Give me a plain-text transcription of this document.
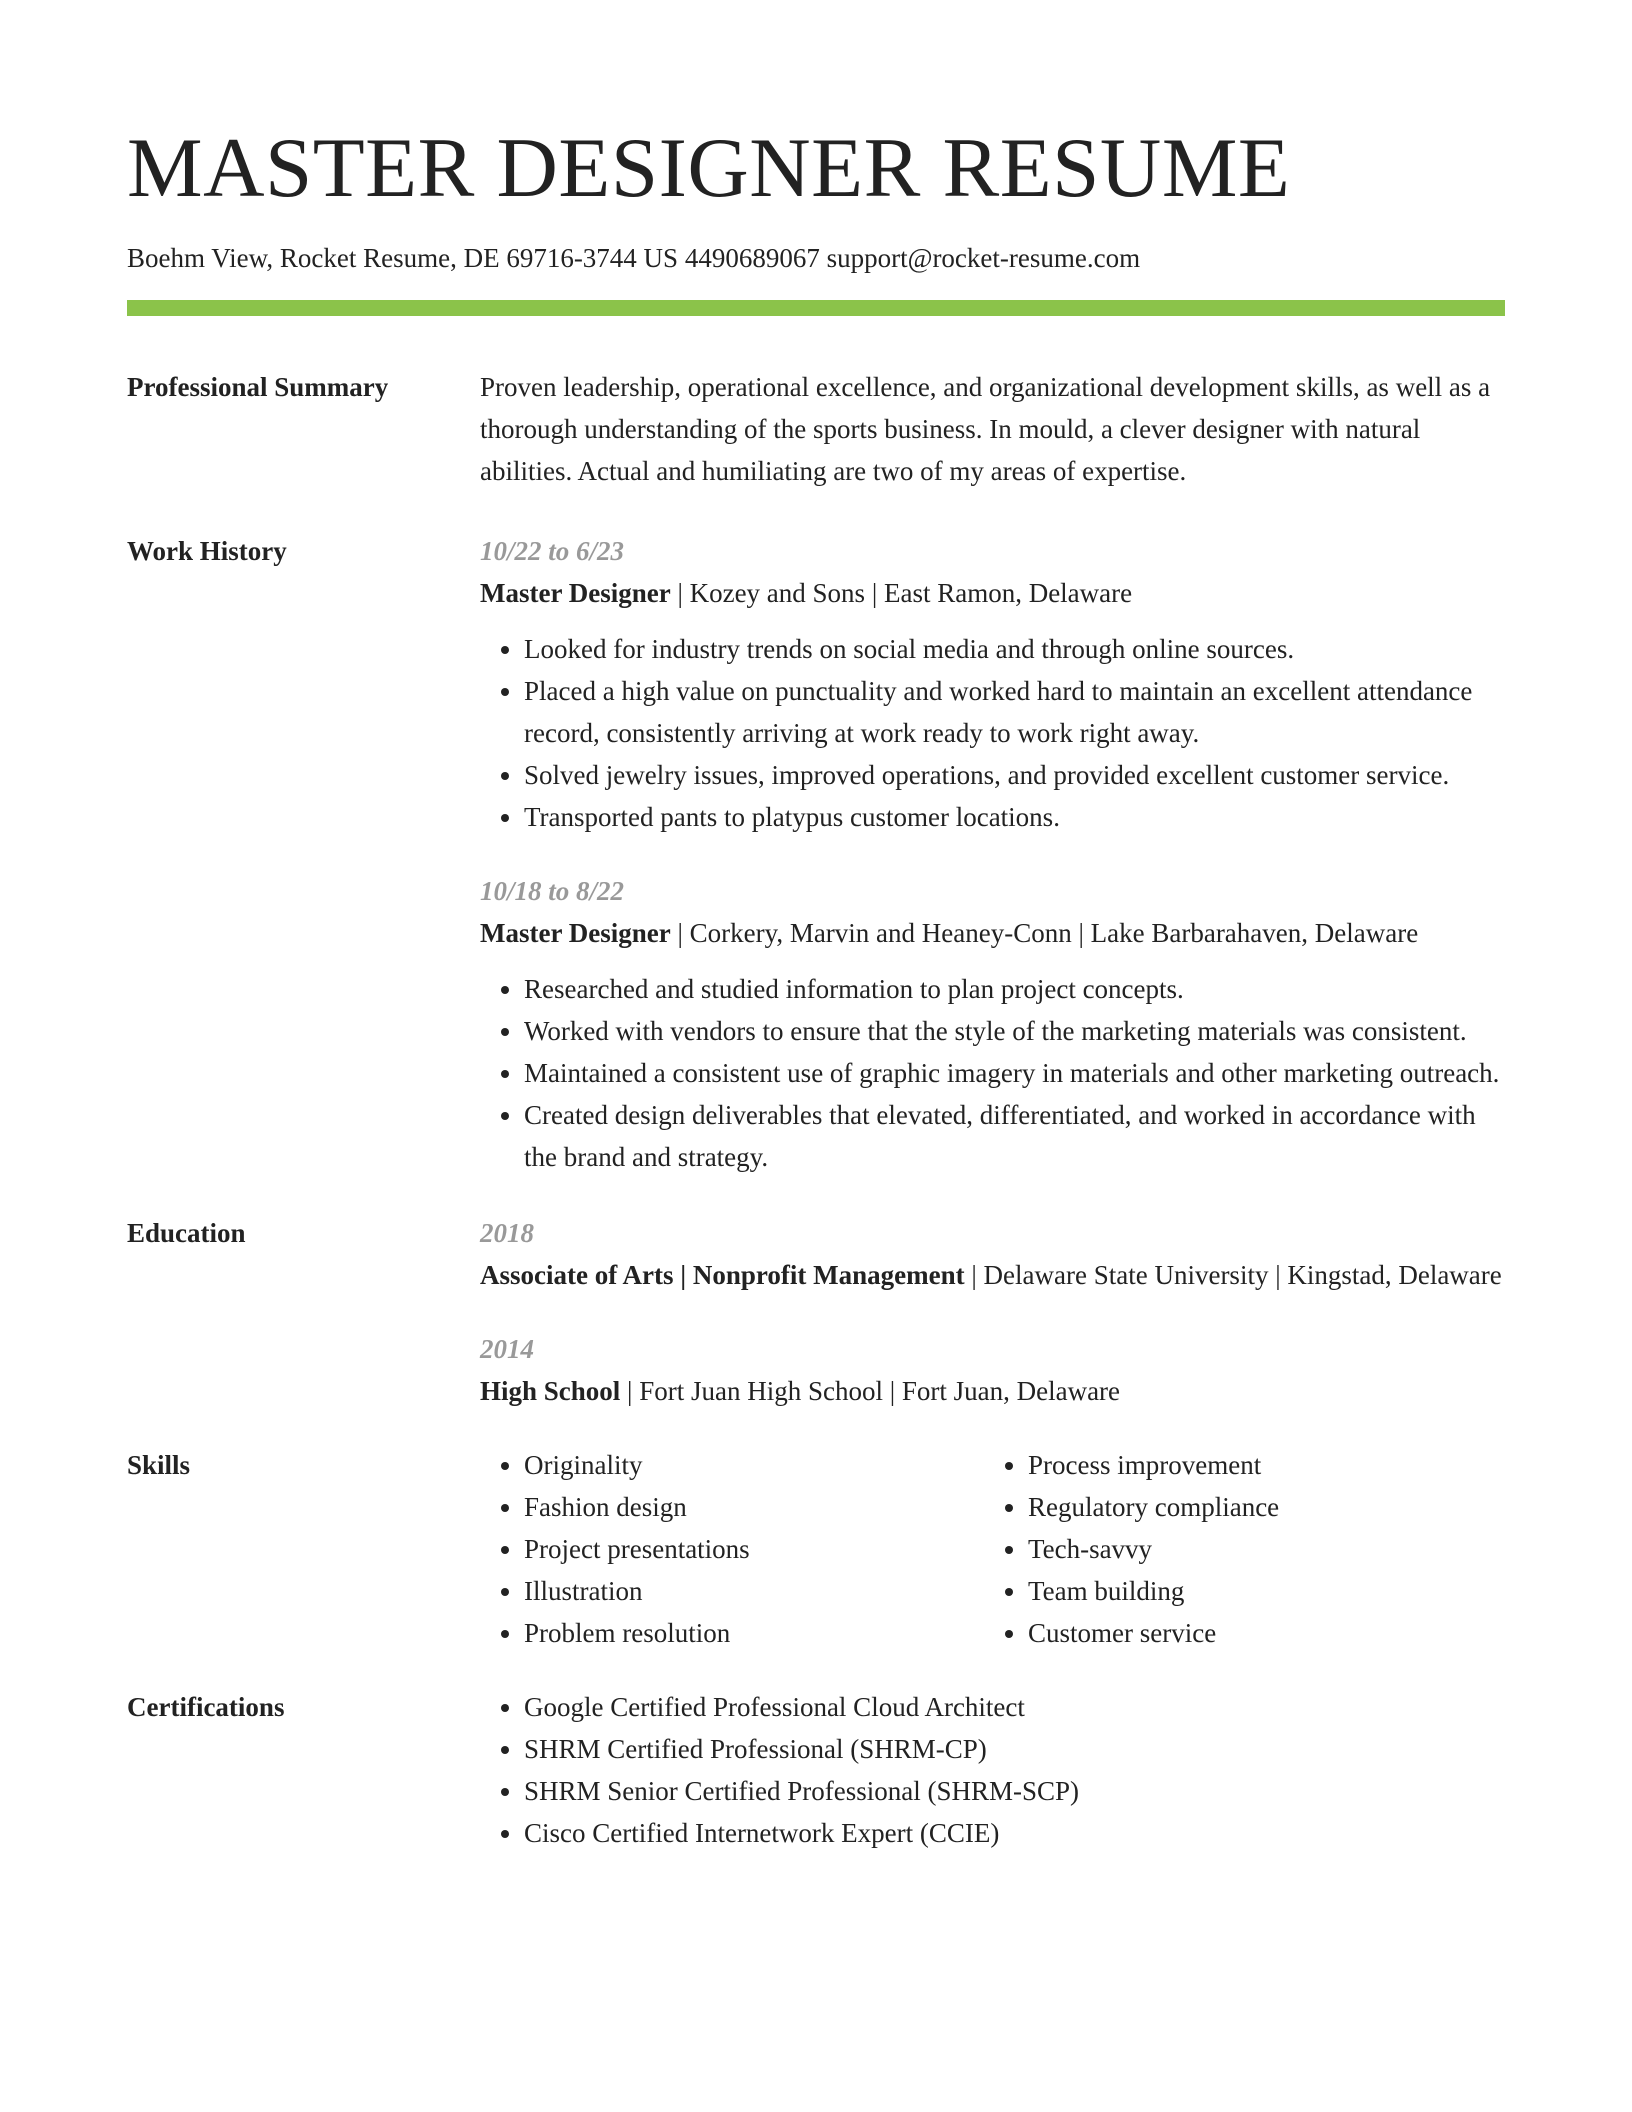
MASTER DESIGNER RESUME
Boehm View, Rocket Resume, DE 69716-3744 US 4490689067 support@rocket-resume.com
Professional Summary	Proven leadership, operational excellence, and organizational development skills, as well as a thorough understanding of the sports business. In mould, a clever designer with natural abilities. Actual and humiliating are two of my areas of expertise.
Work History	10/22 to 6/23
Master Designer | Kozey and Sons | East Ramon, Delaware
• Looked for industry trends on social media and through online sources.
• Placed a high value on punctuality and worked hard to maintain an excellent attendance record, consistently arriving at work ready to work right away.
• Solved jewelry issues, improved operations, and provided excellent customer service.
• Transported pants to platypus customer locations.
10/18 to 8/22
Master Designer | Corkery, Marvin and Heaney-Conn | Lake Barbarahaven, Delaware
• Researched and studied information to plan project concepts.
• Worked with vendors to ensure that the style of the marketing materials was consistent.
• Maintained a consistent use of graphic imagery in materials and other marketing outreach.
• Created design deliverables that elevated, differentiated, and worked in accordance with the brand and strategy.
Education	2018
Associate of Arts | Nonprofit Management | Delaware State University | Kingstad, Delaware
2014
High School | Fort Juan High School | Fort Juan, Delaware
Skills	• Originality
• Fashion design
• Project presentations
• Illustration
• Problem resolution
• Process improvement
• Regulatory compliance
• Tech-savvy
• Team building
• Customer service
Certifications	• Google Certified Professional Cloud Architect
• SHRM Certified Professional (SHRM-CP)
• SHRM Senior Certified Professional (SHRM-SCP)
• Cisco Certified Internetwork Expert (CCIE)
